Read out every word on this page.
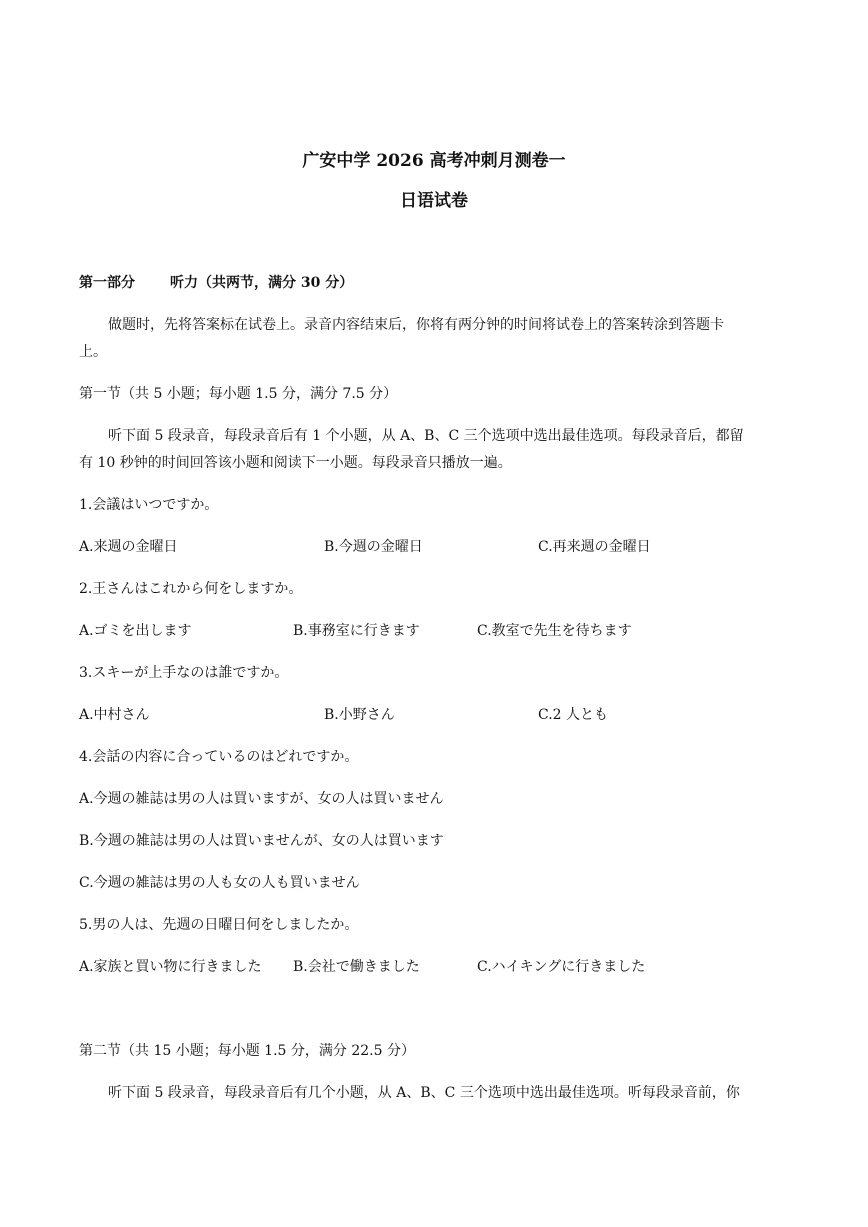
广安中学 2026 高考冲刺月测卷一
日语试卷
第一部分	听力（共两节，满分 30 分）
做题时，先将答案标在试卷上。录音内容结束后，你将有两分钟的时间将试卷上的答案转涂到答题卡
上。
第一节（共 5 小题；每小题 1.5 分，满分 7.5 分）
听下面 5 段录音，每段录音后有 1 个小题，从 A、B、C 三个选项中选出最佳选项。每段录音后，都留
有 10 秒钟的时间回答该小题和阅读下一小题。每段录音只播放一遍。
1.会議はいつですか。
A.来週の金曜日	B.今週の金曜日	C.再来週の金曜日
2.王さんはこれから何をしますか。
A.ゴミを出します	B.事務室に行きます	C.教室で先生を待ちます
3.スキーが上手なのは誰ですか。
A.中村さん	B.小野さん	C.2 人とも
4.会話の内容に合っているのはどれですか。
A.今週の雑誌は男の人は買いますが、女の人は買いません
B.今週の雑誌は男の人は買いませんが、女の人は買います
C.今週の雑誌は男の人も女の人も買いません
5.男の人は、先週の日曜日何をしましたか。
A.家族と買い物に行きました B.会社で働きました	C.ハイキングに行きました
第二节（共 15 小题；每小题 1.5 分，满分 22.5 分）
听下面 5 段录音，每段录音后有几个小题，从 A、B、C 三个选项中选出最佳选项。听每段录音前，你
